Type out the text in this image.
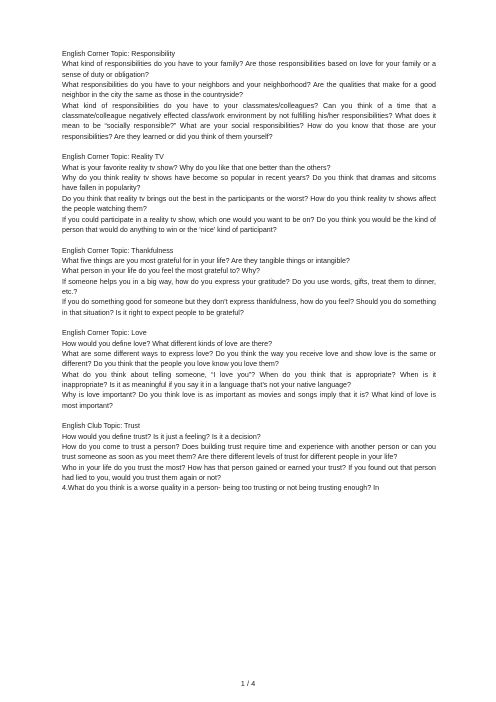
English Corner Topic: Responsibility

What kind of responsibilities do you have to your family? Are those responsibilities based on love for your family or a sense of duty or obligation?

What responsibilities do you have to your neighbors and your neighborhood? Are the qualities that make for a good neighbor in the city the same as those in the countryside?

What kind of responsibilities do you have to your classmates/colleagues? Can you think of a time that a classmate/colleague negatively effected class/work environment by not fulfilling his/her responsibilities? What does it mean to be “socially responsible?” What are your social responsibilities? How do you know that those are your responsibilities? Are they learned or did you think of them yourself?

English Corner Topic: Reality TV

What is your favorite reality tv show? Why do you like that one better than the others?

Why do you think reality tv shows have become so popular in recent years? Do you think that dramas and sitcoms have fallen in popularity?

Do you think that reality tv brings out the best in the participants or the worst? How do you think reality tv shows affect the people watching them?

If you could participate in a reality tv show, which one would you want to be on? Do you think you would be the kind of person that would do anything to win or the ‘nice’ kind of participant?

English Corner Topic: Thankfulness

What five things are you most grateful for in your life? Are they tangible things or intangible?

What person in your life do you feel the most grateful to? Why?

If someone helps you in a big way, how do you express your gratitude? Do you use words, gifts, treat them to dinner, etc.?

If you do something good for someone but they don’t express thankfulness, how do you feel? Should you do something in that situation? Is it right to expect people to be grateful?

English Corner Topic: Love

How would you define love? What different kinds of love are there?

What are some different ways to express love? Do you think the way you receive love and show love is the same or different? Do you think that the people you love know you love them?

What do you think about telling someone, “I love you”? When do you think that is appropriate? When is it inappropriate? Is it as meaningful if you say it in a language that’s not your native language?

Why is love important? Do you think love is as important as movies and songs imply that it is? What kind of love is most important?

English Club Topic: Trust

How would you define trust? Is it just a feeling? Is it a decision?

How do you come to trust a person? Does building trust require time and experience with another person or can you trust someone as soon as you meet them? Are there different levels of trust for different people in your life?

Who in your life do you trust the most? How has that person gained or earned your trust? If you found out that person had lied to you, would you trust them again or not?

4.What do you think is a worse quality in a person- being too trusting or not being trusting enough? In

1 / 4
